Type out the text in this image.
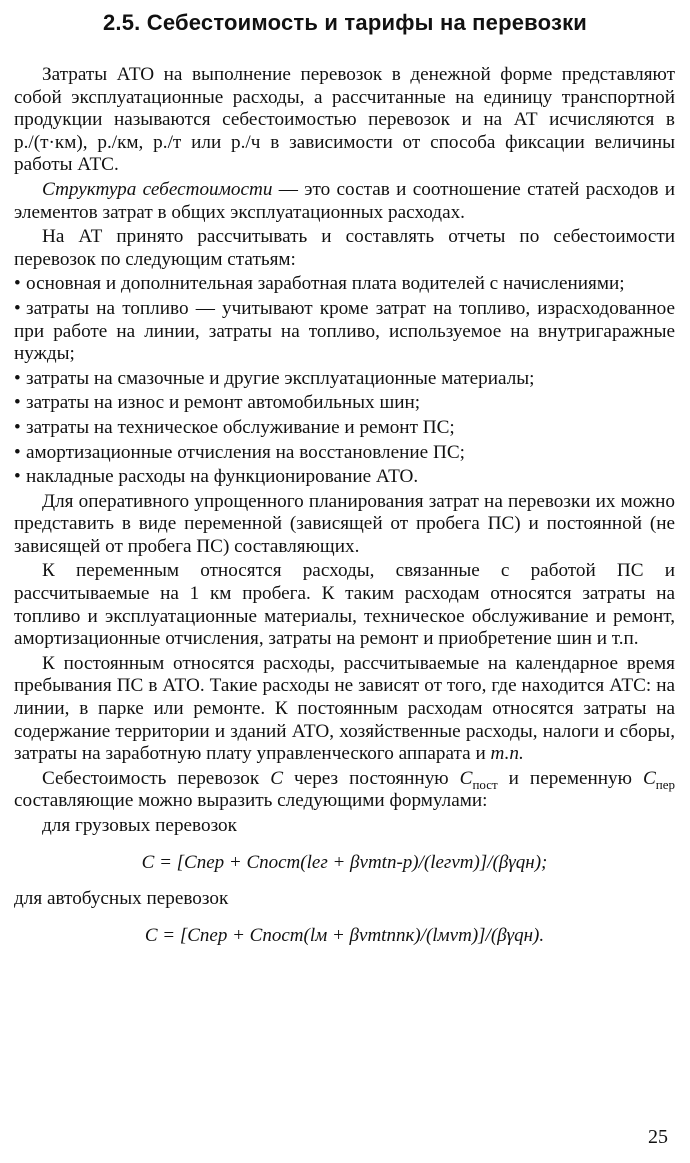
2.5. Себестоимость и тарифы на перевозки

Затраты АТО на выполнение перевозок в денежной форме представляют собой эксплуатационные расходы, а рассчитанные на единицу транспортной продукции называются себестоимостью перевозок и на АТ исчисляются в р./(т·км), р./км, р./т или р./ч в зависимости от способа фиксации величины работы АТС.

Структура себестоимости — это состав и соотношение статей расходов и элементов затрат в общих эксплуатационных расходах.

На АТ принято рассчитывать и составлять отчеты по себестоимости перевозок по следующим статьям:

• основная и дополнительная заработная плата водителей с начислениями;

• затраты на топливо — учитывают кроме затрат на топливо, израсходованное при работе на линии, затраты на топливо, используемое на внутригаражные нужды;

• затраты на смазочные и другие эксплуатационные материалы;

• затраты на износ и ремонт автомобильных шин;

• затраты на техническое обслуживание и ремонт ПС;

• амортизационные отчисления на восстановление ПС;

• накладные расходы на функционирование АТО.

Для оперативного упрощенного планирования затрат на перевозки их можно представить в виде переменной (зависящей от пробега ПС) и постоянной (не зависящей от пробега ПС) составляющих.

К переменным относятся расходы, связанные с работой ПС и рассчитываемые на 1 км пробега. К таким расходам относятся затраты на топливо и эксплуатационные материалы, техническое обслуживание и ремонт, амортизационные отчисления, затраты на ремонт и приобретение шин и т.п.

К постоянным относятся расходы, рассчитываемые на календарное время пребывания ПС в АТО. Такие расходы не зависят от того, где находится АТС: на линии, в парке или ремонте. К постоянным расходам относятся затраты на содержание территории и зданий АТО, хозяйственные расходы, налоги и сборы, затраты на заработную плату управленческого аппарата и т.п.

Себестоимость перевозок C через постоянную $C_{пост}$ и переменную $C_{пер}$ составляющие можно выразить следующими формулами:

для грузовых перевозок

C = [Cпер + Cпост(lег + βvтtп-р)/(lегvт)]/(βγqн);

для автобусных перевозок

C = [Cпер + Cпост(lм + βvтtппк)/(lмvт)]/(βγqн).
25
